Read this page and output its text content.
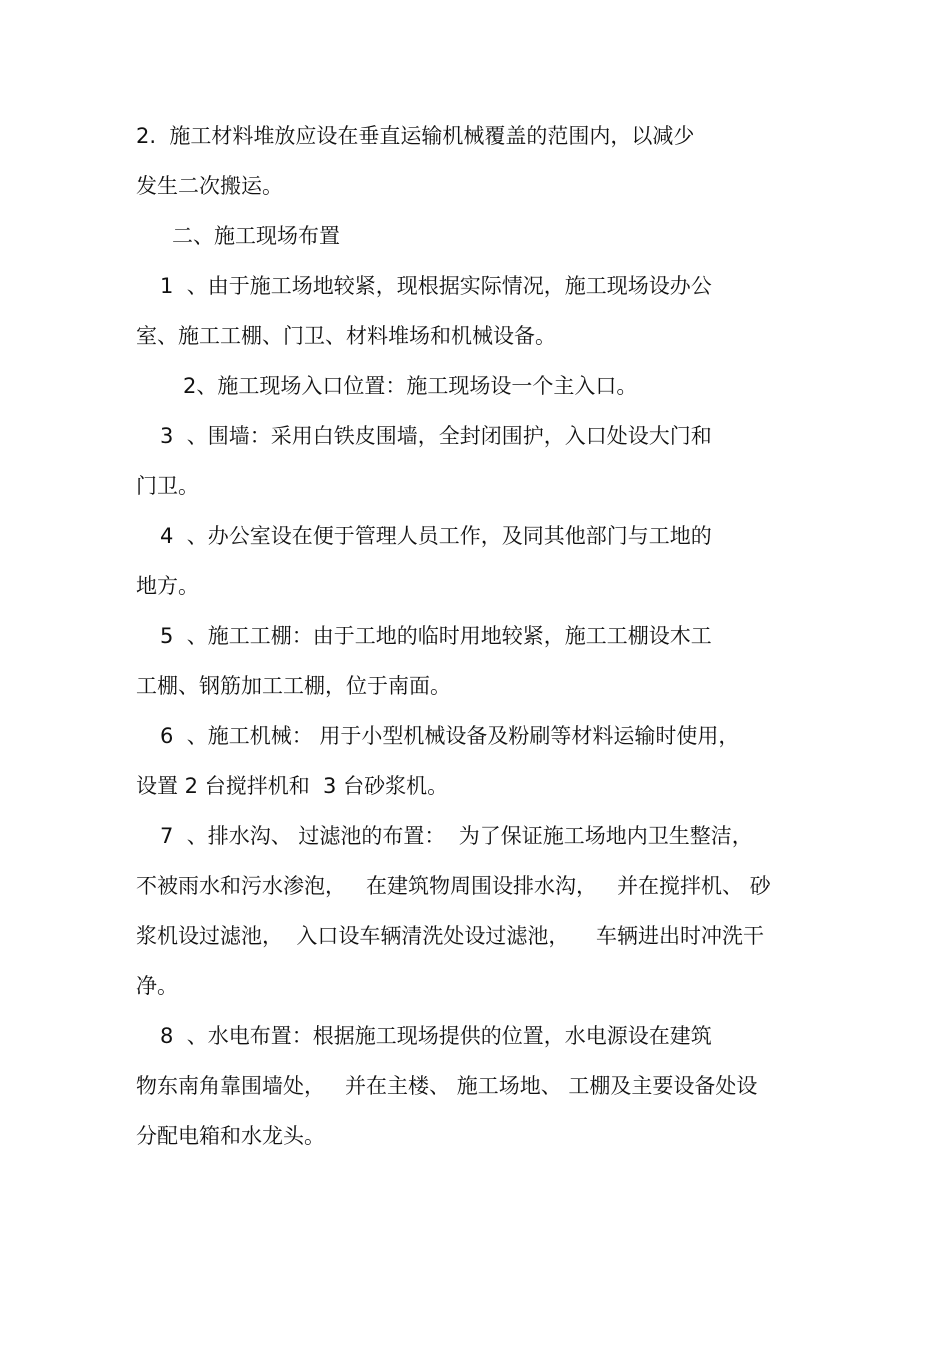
2.  施工材料堆放应设在垂直运输机械覆盖的范围内，以减少
发生二次搬运。
二、施工现场布置
1  、由于施工场地较紧，现根据实际情况，施工现场设办公
室、施工工棚、门卫、材料堆场和机械设备。
2、施工现场入口位置：施工现场设一个主入口。
3  、围墙：采用白铁皮围墙，全封闭围护，入口处设大门和
门卫。
4  、办公室设在便于管理人员工作，及同其他部门与工地的
地方。
5  、施工工棚：由于工地的临时用地较紧，施工工棚设木工
工棚、钢筋加工工棚，位于南面。
6  、施工机械： 用于小型机械设备及粉刷等材料运输时使用，
设置 2 台搅拌机和  3 台砂浆机。
7  、排水沟、 过滤池的布置：  为了保证施工场地内卫生整洁，
不被雨水和污水渗泡，   在建筑物周围设排水沟，   并在搅拌机、 砂
浆机设过滤池，  入口设车辆清洗处设过滤池，    车辆进出时冲洗干
净。
8  、水电布置：根据施工现场提供的位置，水电源设在建筑
物东南角靠围墙处，   并在主楼、 施工场地、 工棚及主要设备处设
分配电箱和水龙头。
